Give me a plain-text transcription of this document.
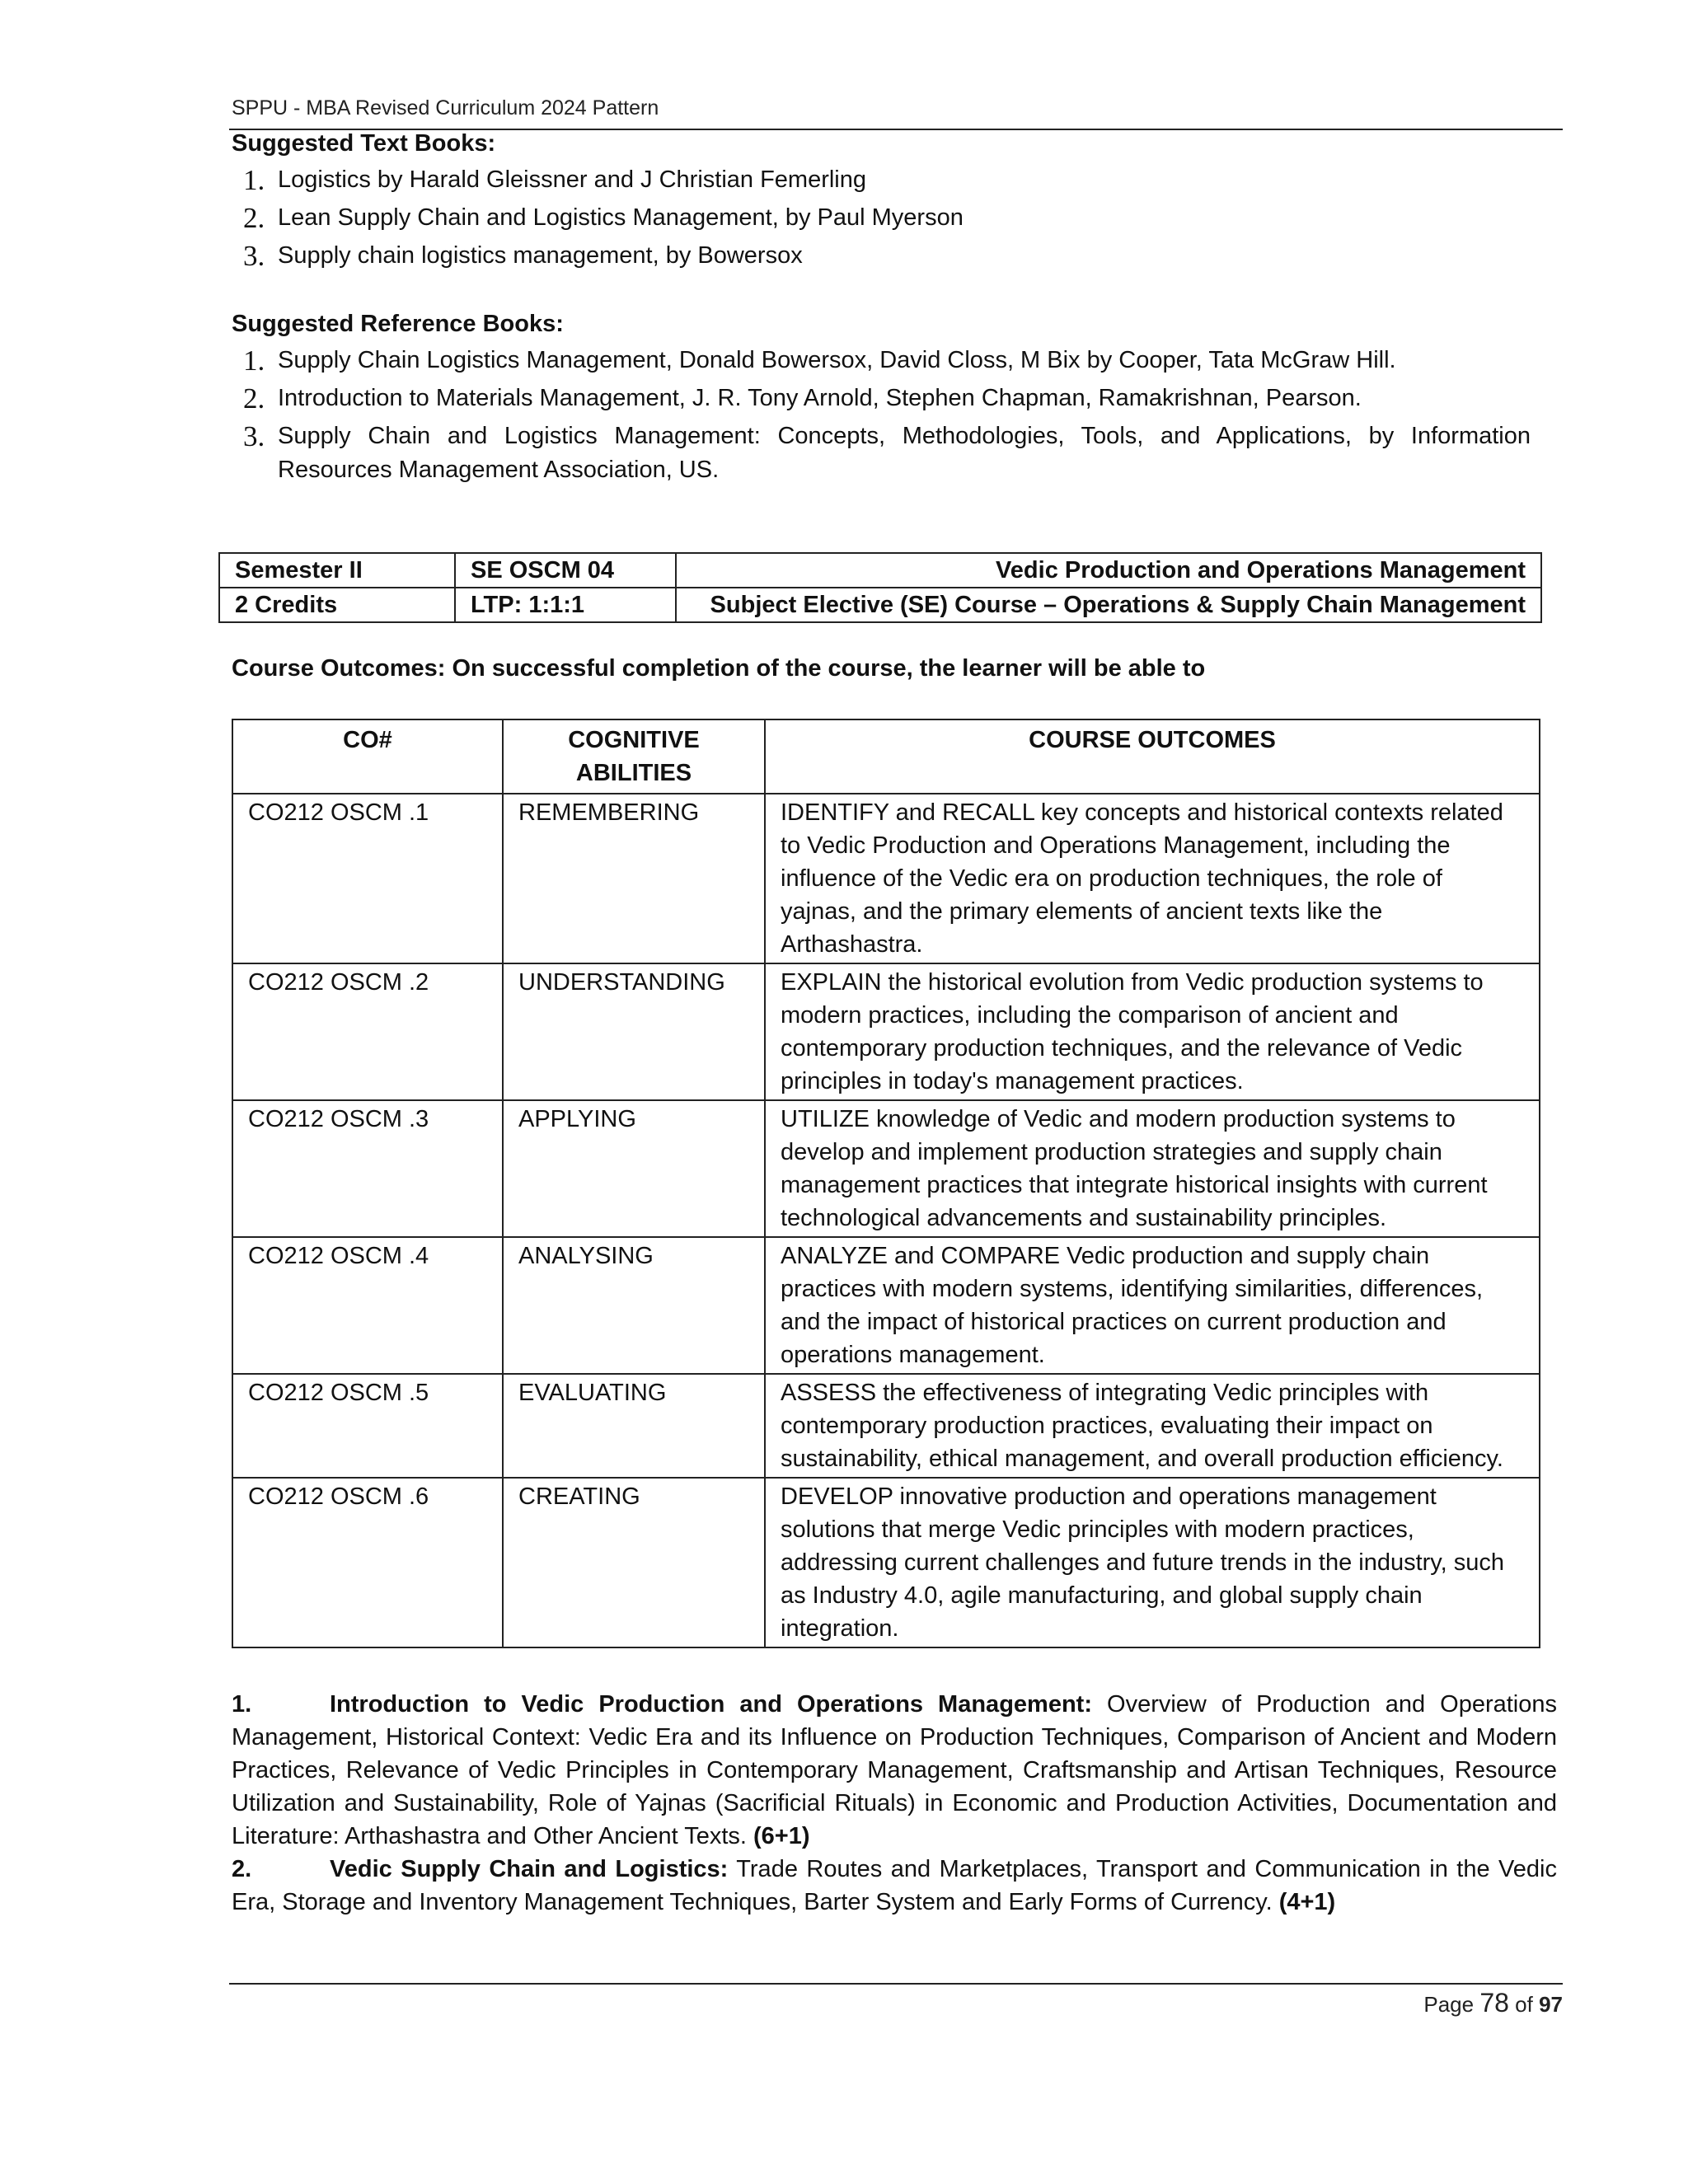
SPPU - MBA Revised Curriculum 2024 Pattern
Suggested Text Books:
1. Logistics by Harald Gleissner and J Christian Femerling
2. Lean Supply Chain and Logistics Management, by Paul Myerson
3. Supply chain logistics management, by Bowersox
Suggested Reference Books:
1. Supply Chain Logistics Management, Donald Bowersox, David Closs, M Bix by Cooper, Tata McGraw Hill.
2. Introduction to Materials Management, J. R. Tony Arnold, Stephen Chapman, Ramakrishnan, Pearson.
3. Supply Chain and Logistics Management: Concepts, Methodologies, Tools, and Applications, by Information Resources Management Association, US.
Semester II	SE OSCM 04	Vedic Production and Operations Management
2 Credits	LTP: 1:1:1	Subject Elective (SE) Course – Operations & Supply Chain Management
Course Outcomes: On successful completion of the course, the learner will be able to
CO#	COGNITIVE ABILITIES	COURSE OUTCOMES
CO212 OSCM .1	REMEMBERING	IDENTIFY and RECALL key concepts and historical contexts related to Vedic Production and Operations Management, including the influence of the Vedic era on production techniques, the role of yajnas, and the primary elements of ancient texts like the Arthashastra.
CO212 OSCM .2	UNDERSTANDING	EXPLAIN the historical evolution from Vedic production systems to modern practices, including the comparison of ancient and contemporary production techniques, and the relevance of Vedic principles in today's management practices.
CO212 OSCM .3	APPLYING	UTILIZE knowledge of Vedic and modern production systems to develop and implement production strategies and supply chain management practices that integrate historical insights with current technological advancements and sustainability principles.
CO212 OSCM .4	ANALYSING	ANALYZE and COMPARE Vedic production and supply chain practices with modern systems, identifying similarities, differences, and the impact of historical practices on current production and operations management.
CO212 OSCM .5	EVALUATING	ASSESS the effectiveness of integrating Vedic principles with contemporary production practices, evaluating their impact on sustainability, ethical management, and overall production efficiency.
CO212 OSCM .6	CREATING	DEVELOP innovative production and operations management solutions that merge Vedic principles with modern practices, addressing current challenges and future trends in the industry, such as Industry 4.0, agile manufacturing, and global supply chain integration.

1.	Introduction to Vedic Production and Operations Management: Overview of Production and Operations Management, Historical Context: Vedic Era and its Influence on Production Techniques, Comparison of Ancient and Modern Practices, Relevance of Vedic Principles in Contemporary Management, Craftsmanship and Artisan Techniques, Resource Utilization and Sustainability, Role of Yajnas (Sacrificial Rituals) in Economic and Production Activities, Documentation and Literature: Arthashastra and Other Ancient Texts. (6+1)

2.	Vedic Supply Chain and Logistics: Trade Routes and Marketplaces, Transport and Communication in the Vedic Era, Storage and Inventory Management Techniques, Barter System and Early Forms of Currency. (4+1)

Page 78 of 97
